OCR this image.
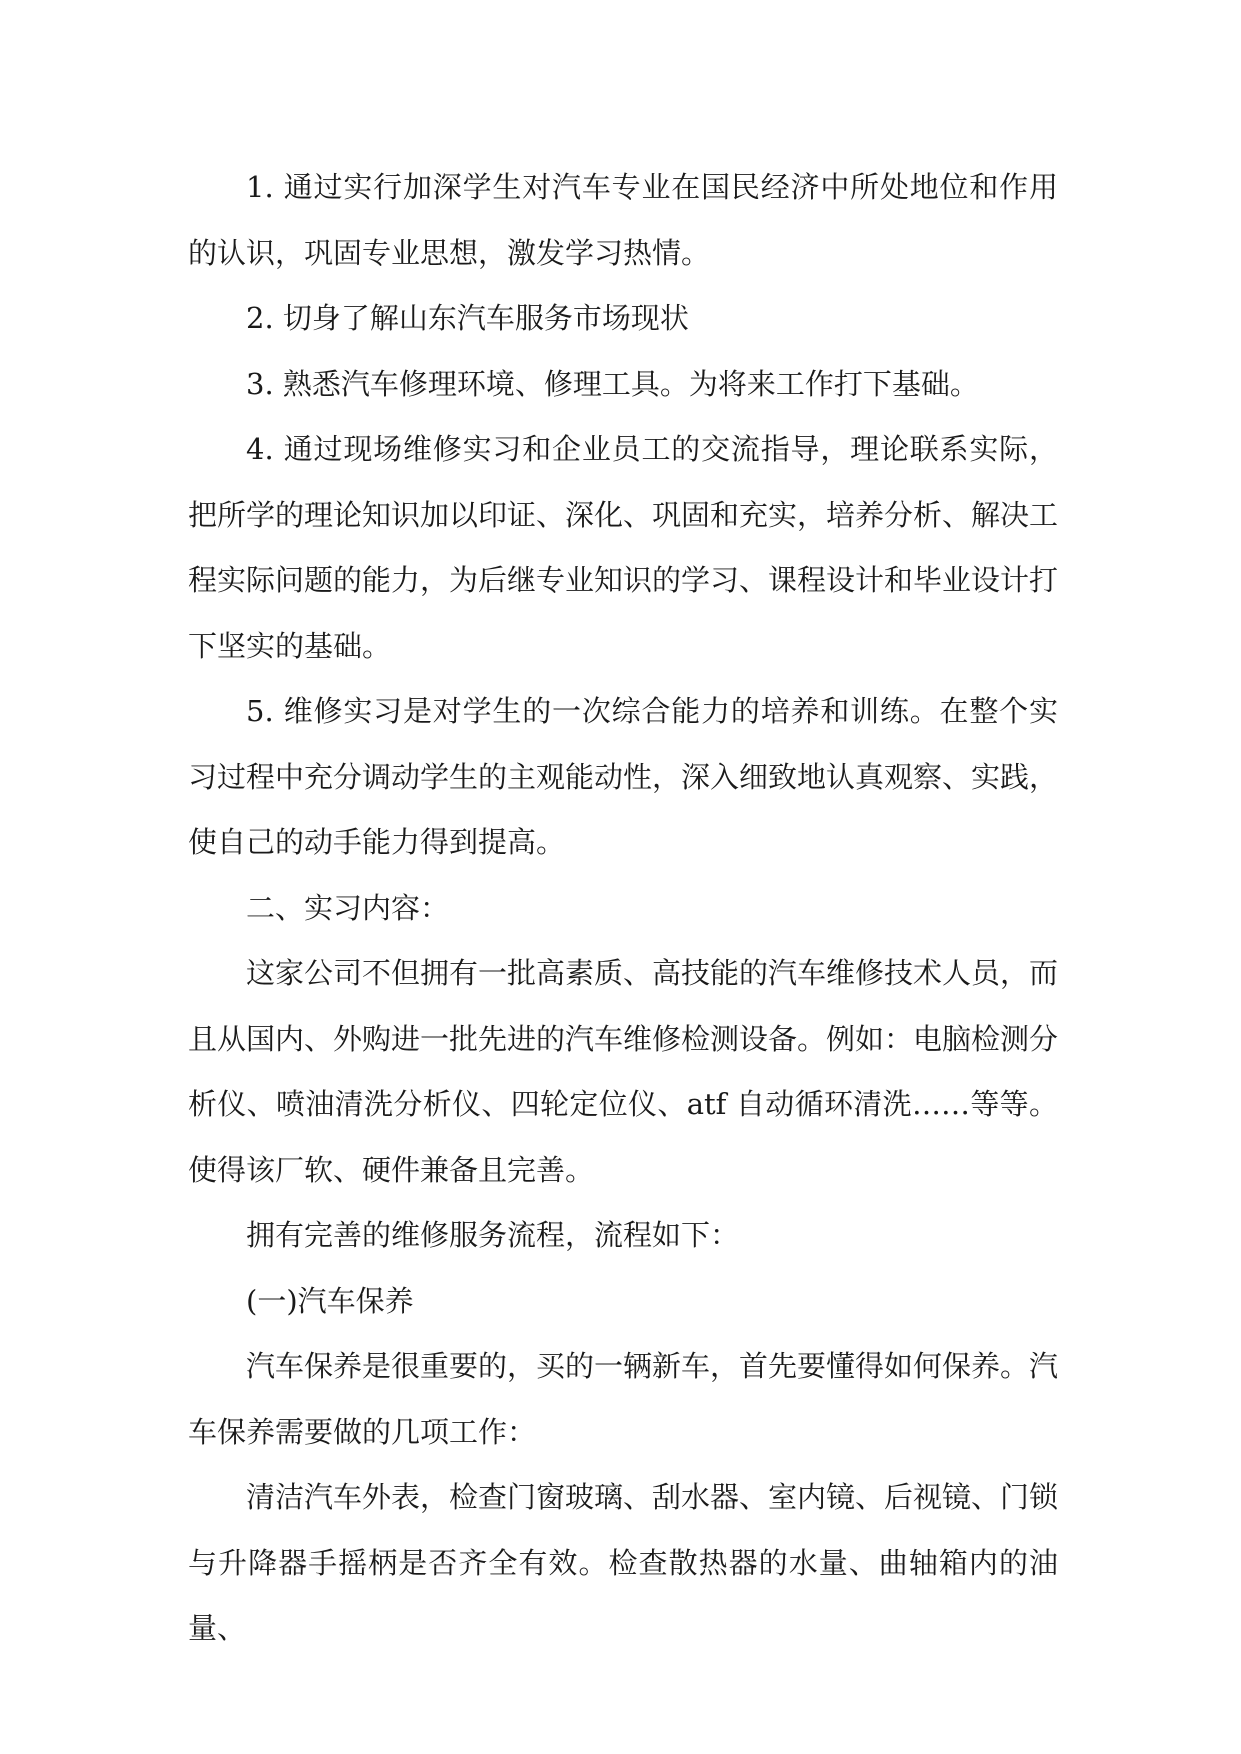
1. 通过实行加深学生对汽车专业在国民经济中所处地位和作用的认识，巩固专业思想，激发学习热情。

2. 切身了解山东汽车服务市场现状

3. 熟悉汽车修理环境、修理工具。为将来工作打下基础。

4. 通过现场维修实习和企业员工的交流指导，理论联系实际，把所学的理论知识加以印证、深化、巩固和充实，培养分析、解决工程实际问题的能力，为后继专业知识的学习、课程设计和毕业设计打下坚实的基础。

5. 维修实习是对学生的一次综合能力的培养和训练。在整个实习过程中充分调动学生的主观能动性，深入细致地认真观察、实践，使自己的动手能力得到提高。

二、实习内容：

这家公司不但拥有一批高素质、高技能的汽车维修技术人员，而且从国内、外购进一批先进的汽车维修检测设备。例如：电脑检测分析仪、喷油清洗分析仪、四轮定位仪、atf 自动循环清洗……等等。使得该厂软、硬件兼备且完善。

拥有完善的维修服务流程，流程如下：

(一)汽车保养

汽车保养是很重要的，买的一辆新车，首先要懂得如何保养。汽车保养需要做的几项工作：

清洁汽车外表，检查门窗玻璃、刮水器、室内镜、后视镜、门锁与升降器手摇柄是否齐全有效。检查散热器的水量、曲轴箱内的油量、
